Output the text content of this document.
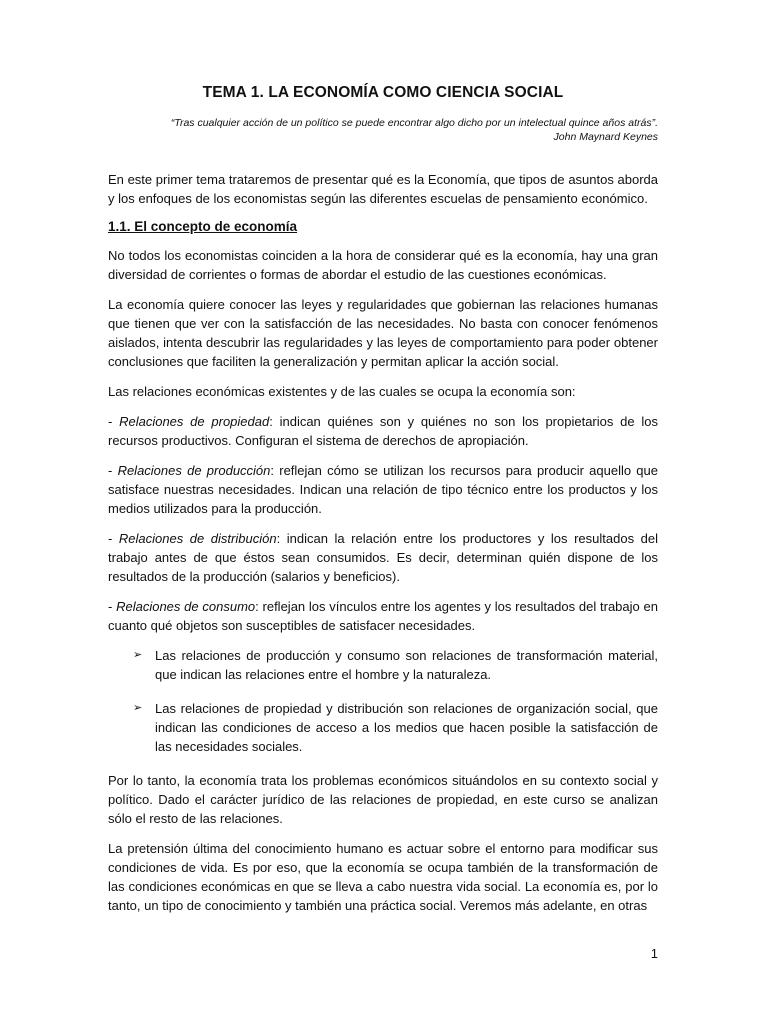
TEMA 1. LA ECONOMÍA COMO CIENCIA SOCIAL
“Tras cualquier acción de un político se puede encontrar algo dicho por un intelectual quince años atrás”.
John Maynard Keynes

En este primer tema trataremos de presentar qué es la Economía, que tipos de asuntos aborda y los enfoques de los economistas según las diferentes escuelas de pensamiento económico.

1.1. El concepto de economía

No todos los economistas coinciden a la hora de considerar qué es la economía, hay una gran diversidad de corrientes o formas de abordar el estudio de las cuestiones económicas.

La economía quiere conocer las leyes y regularidades que gobiernan las relaciones humanas que tienen que ver con la satisfacción de las necesidades. No basta con conocer fenómenos aislados, intenta descubrir las regularidades y las leyes de comportamiento para poder obtener conclusiones que faciliten la generalización y permitan aplicar la acción social.

Las relaciones económicas existentes y de las cuales se ocupa la economía son:

- Relaciones de propiedad: indican quiénes son y quiénes no son los propietarios de los recursos productivos. Configuran el sistema de derechos de apropiación.

- Relaciones de producción: reflejan cómo se utilizan los recursos para producir aquello que satisface nuestras necesidades. Indican una relación de tipo técnico entre los productos y los medios utilizados para la producción.

- Relaciones de distribución: indican la relación entre los productores y los resultados del trabajo antes de que éstos sean consumidos. Es decir, determinan quién dispone de los resultados de la producción (salarios y beneficios).

- Relaciones de consumo: reflejan los vínculos entre los agentes y los resultados del trabajo en cuanto qué objetos son susceptibles de satisfacer necesidades.

➢ Las relaciones de producción y consumo son relaciones de transformación material, que indican las relaciones entre el hombre y la naturaleza.
➢ Las relaciones de propiedad y distribución son relaciones de organización social, que indican las condiciones de acceso a los medios que hacen posible la satisfacción de las necesidades sociales.

Por lo tanto, la economía trata los problemas económicos situándolos en su contexto social y político. Dado el carácter jurídico de las relaciones de propiedad, en este curso se analizan sólo el resto de las relaciones.

La pretensión última del conocimiento humano es actuar sobre el entorno para modificar sus condiciones de vida. Es por eso, que la economía se ocupa también de la transformación de las condiciones económicas en que se lleva a cabo nuestra vida social. La economía es, por lo tanto, un tipo de conocimiento y también una práctica social. Veremos más adelante, en otras

1
